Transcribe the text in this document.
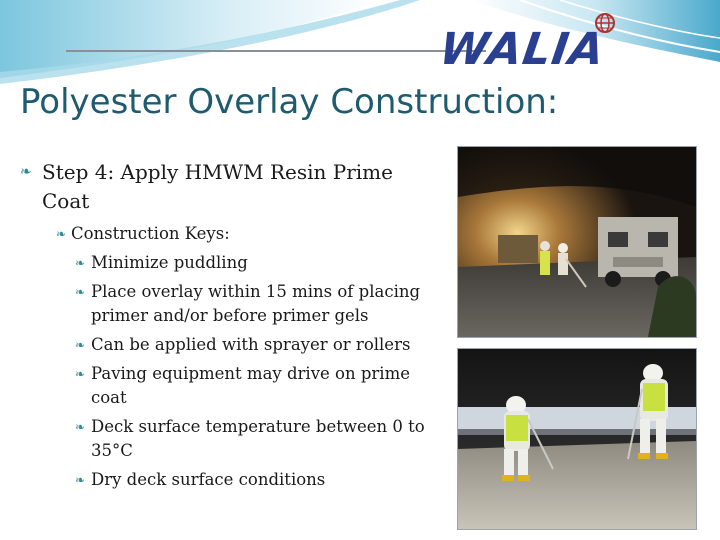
WALIA
Polyester Overlay Construction:
❧ Step 4: Apply HMWM Resin Prime Coat
❧ Construction Keys:
❧ Minimize puddling
❧ Place overlay within 15 mins of placing primer and/or before primer gels
❧ Can be applied with sprayer or rollers
❧ Paving equipment may drive on prime coat
❧ Deck surface temperature between 0 to 35°C
❧ Dry deck surface conditions
